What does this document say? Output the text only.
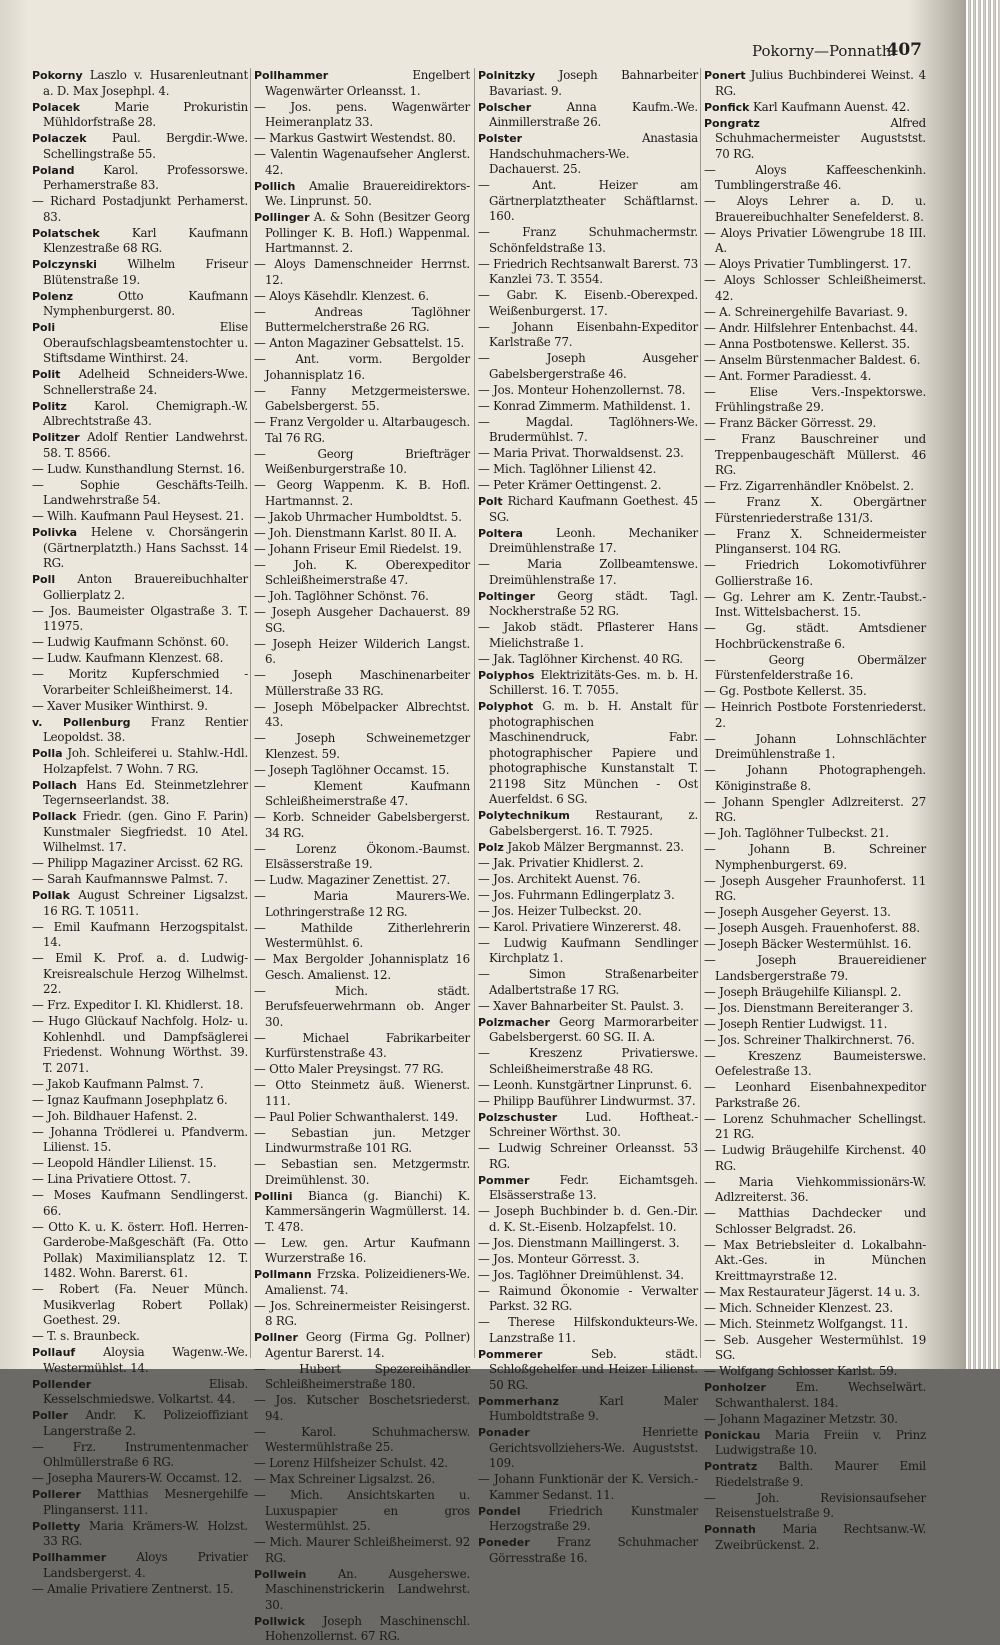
Pokorny—Ponnath.
407
Pokorny Laszlo v. Husarenleutnant a. D. Max Josephpl. 4.
Polacek	Marie Prokuristin Mühldorfstraße 28.
Polaczek Paul. Bergdir.-Wwe. Schellingstraße 55.
Poland Karol. Professorswe. Perhamerstraße 83.
— Richard Postadjunkt Perhamerst. 83.
Polatschek	Karl Kaufmann Klenzestraße 68 RG.
Polczynski	Wilhelm Friseur Blütenstraße 19.
Polenz	Otto Kaufmann Nymphenburgerst. 80.
Poli	Elise Oberaufschlagsbeamtenstochter u. Stiftsdame Winthirst. 24.
Polit Adelheid Schneiders-Wwe. Schnellerstraße 24.
Politz Karol. Chemigraph.-W. Albrechtstraße 43.
Politzer Adolf Rentier Landwehrst. 58. T. 8566.
— Ludw. Kunsthandlung Sternst. 16.
— Sophie Geschäfts-Teilh. Landwehrstraße 54.
— Wilh. Kaufmann Paul Heysest. 21.
Polivka Helene v. Chorsängerin (Gärtnerplatzth.) Hans Sachsst. 14 RG.
Poll Anton Brauereibuchhalter Gollierplatz 2.
— Jos. Baumeister Olgastraße 3. T. 11975.
— Ludwig Kaufmann Schönst. 60.
— Ludw. Kaufmann Klenzest. 68.
— Moritz Kupferschmied - Vorarbeiter Schleißheimerst. 14.
— Xaver Musiker Winthirst. 9.
v. Pollenburg Franz Rentier Leopoldst. 38.
Polla Joh. Schleiferei u. Stahlw.-Hdl. Holzapfelst. 7 Wohn. 7 RG.
Pollach Hans Ed. Steinmetzlehrer Tegernseerlandst. 38.
Pollack Friedr. (gen. Gino F. Parin) Kunstmaler Siegfriedst. 10 Atel. Wilhelmst. 17.
— Philipp Magaziner Arcisst. 62 RG.
— Sarah Kaufmannswe Palmst. 7.
Pollak August Schreiner Ligsalzst. 16 RG. T. 10511.
— Emil Kaufmann Herzogspitalst. 14.
— Emil K. Prof. a. d. Ludwig-Kreisrealschule Herzog Wilhelmst. 22.
— Frz. Expeditor I. Kl. Khidlerst. 18.
— Hugo Glückauf Nachfolg. Holz- u. Kohlenhdl. und Dampfsäglerei Friedenst. Wohnung Wörthst. 39. T. 2071.
— Jakob Kaufmann Palmst. 7.
— Ignaz Kaufmann Josephplatz 6.
— Joh. Bildhauer Hafenst. 2.
— Johanna Trödlerei u. Pfandverm. Lilienst. 15.
— Leopold Händler Lilienst. 15.
— Lina Privatiere Ottost. 7.
— Moses Kaufmann Sendlingerst. 66.
— Otto K. u. K. österr. Hofl. Herren-Garderobe-Maßgeschäft (Fa. Otto Pollak) Maximiliansplatz 12. T. 1482. Wohn. Barerst. 61.
— Robert (Fa. Neuer Münch. Musikverlag Robert Pollak) Goethest. 29.
— T. s. Braunbeck.
Pollauf Aloysia Wagenw.-We. Westermühlst. 14.
Pollender	Elisab. Kesselschmiedswe. Volkartst. 44.
Poller Andr. K. Polizeioffiziant Langerstraße 2.
— Frz. Instrumentenmacher Ohlmüllerstraße 6 RG.
— Josepha Maurers-W. Occamst. 12.
Pollerer Matthias Mesnergehilfe Plinganserst. 111.
Polletty Maria Krämers-W. Holzst. 33 RG.
Pollhammer	Aloys Privatier Landsbergerst. 4.
— Amalie Privatiere Zentnerst. 15.
Pollhammer	Engelbert Wagenwärter Orleansst. 1.
— Jos. pens. Wagenwärter Heimeranplatz 33.
— Markus Gastwirt Westendst. 80.
— Valentin Wagenaufseher Anglerst. 42.
Pollich Amalie Brauereidirektors-We. Linprunst. 50.
Pollinger A. & Sohn (Besitzer Georg Pollinger K. B. Hofl.) Wappenmal. Hartmannst. 2.
— Aloys Damenschneider Herrnst. 12.
— Aloys Käsehdlr. Klenzest. 6.
— Andreas Taglöhner Buttermelcherstraße 26 RG.
— Anton Magaziner Gebsattelst. 15.
— Ant. vorm. Bergolder Johannisplatz 16.
— Fanny Metzgermeisterswe. Gabelsbergerst. 55.
— Franz Vergolder u. Altarbaugesch. Tal 76 RG.
— Georg Briefträger Weißenburgerstraße 10.
— Georg Wappenm. K. B. Hofl. Hartmannst. 2.
— Jakob Uhrmacher Humboldtst. 5.
— Joh. Dienstmann Karlst. 80 II. A.
— Johann Friseur Emil Riedelst. 19.
— Joh. K. Oberexpeditor Schleißheimerstraße 47.
— Joh. Taglöhner Schönst. 76.
— Joseph Ausgeher Dachauerst. 89 SG.
— Joseph Heizer Wilderich Langst. 6.
— Joseph Maschinenarbeiter Müllerstraße 33 RG.
— Joseph Möbelpacker Albrechtst. 43.
— Joseph Schweinemetzger Klenzest. 59.
— Joseph Taglöhner Occamst. 15.
— Klement Kaufmann Schleißheimerstraße 47.
— Korb. Schneider Gabelsbergerst. 34 RG.
— Lorenz Ökonom.-Baumst. Elsässerstraße 19.
— Ludw. Magaziner Zenettist. 27.
— Maria Maurers-We. Lothringerstraße 12 RG.
— Mathilde Zitherlehrerin Westermühlst. 6.
— Max Bergolder Johannisplatz 16 Gesch. Amalienst. 12.
— Mich. städt. Berufsfeuerwehrmann ob. Anger 30.
— Michael Fabrikarbeiter Kurfürstenstraße 43.
— Otto Maler Preysingst. 77 RG.
— Otto Steinmetz äuß. Wienerst. 111.
— Paul Polier Schwanthalerst. 149.
— Sebastian jun. Metzger Lindwurmstraße 101 RG.
— Sebastian sen. Metzgermstr. Dreimühlenst. 30.
Pollini Bianca (g. Bianchi) K. Kammersängerin Wagmüllerst. 14. T. 478.
— Lew. gen. Artur Kaufmann Wurzerstraße 16.
Pollmann Frzska. Polizeidieners-We. Amalienst. 74.
— Jos. Schreinermeister Reisingerst. 8 RG.
Pollner Georg (Firma Gg. Pollner) Agentur Barerst. 14.
— Hubert Spezereihändler Schleißheimerstraße 180.
— Jos. Kutscher Boschetsriederst. 94.
— Karol. Schuhmachersw. Westermühlstraße 25.
— Lorenz Hilfsheizer Schulst. 42.
— Max Schreiner Ligsalzst. 26.
— Mich. Ansichtskarten u. Luxuspapier en gros Westermühlst. 25.
— Mich. Maurer Schleißheimerst. 92 RG.
Pollwein	An. Ausgeherswe. Maschinenstrickerin Landwehrst. 30.
Pollwick Joseph Maschinenschl. Hohenzollernst. 67 RG.
Polnitzky Joseph Bahnarbeiter Bavariast. 9.
Polscher	Anna Kaufm.-We. Ainmillerstraße 26.
Polster	Anastasia Handschuhmachers-We. Dachauerst. 25.
— Ant. Heizer am Gärtnerplatztheater Schäftlarnst. 160.
— Franz Schuhmachermstr. Schönfeldstraße 13.
— Friedrich Rechtsanwalt Barerst. 73 Kanzlei 73. T. 3554.
— Gabr. K. Eisenb.-Oberexped. Weißenburgerst. 17.
— Johann Eisenbahn-Expeditor Karlstraße 77.
— Joseph Ausgeher Gabelsbergerstraße 46.
— Jos. Monteur Hohenzollernst. 78.
— Konrad Zimmerm. Mathildenst. 1.
— Magdal. Taglöhners-We. Brudermühlst. 7.
— Maria Privat. Thorwaldsenst. 23.
— Mich. Taglöhner Lilienst 42.
— Peter Krämer Oettingenst. 2.
Polt Richard Kaufmann Goethest. 45 SG.
Poltera	Leonh. Mechaniker Dreimühlenstraße 17.
— Maria Zollbeamtenswe. Dreimühlenstraße 17.
Poltinger Georg städt. Tagl. Nockherstraße 52 RG.
— Jakob städt. Pflasterer Hans Mielichstraße 1.
— Jak. Taglöhner Kirchenst. 40 RG.
Polyphos Elektrizitäts-Ges. m. b. H. Schillerst. 16. T. 7055.
Polyphot G. m. b. H. Anstalt für photographischen Maschinendruck, Fabr. photographischer Papiere und photographische Kunstanstalt T. 21198 Sitz München - Ost Auerfeldst. 6 SG.
Polytechnikum Restaurant, z. Gabelsbergerst. 16. T. 7925.
Polz Jakob Mälzer Bergmannst. 23.
— Jak. Privatier Khidlerst. 2.
— Jos. Architekt Auenst. 76.
— Jos. Fuhrmann Edlingerplatz 3.
— Jos. Heizer Tulbeckst. 20.
— Karol. Privatiere Winzererst. 48.
— Ludwig Kaufmann Sendlinger Kirchplatz 1.
— Simon Straßenarbeiter Adalbertstraße 17 RG.
— Xaver Bahnarbeiter St. Paulst. 3.
Polzmacher Georg Marmorarbeiter Gabelsbergerst. 60 SG. II. A.
— Kreszenz Privatierswe. Schleißheimerstraße 48 RG.
— Leonh. Kunstgärtner Linprunst. 6.
— Philipp Bauführer Lindwurmst. 37.
Polzschuster Lud. Hoftheat.-Schreiner Wörthst. 30.
— Ludwig Schreiner Orleansst. 53 RG.
Pommer	Fedr. Eichamtsgeh. Elsässerstraße 13.
— Joseph Buchbinder b. d. Gen.-Dir. d. K. St.-Eisenb. Holzapfelst. 10.
— Jos. Dienstmann Maillingerst. 3.
— Jos. Monteur Görresst. 3.
— Jos. Taglöhner Dreimühlenst. 34.
— Raimund Ökonomie - Verwalter Parkst. 32 RG.
— Therese Hilfskondukteurs-We. Lanzstraße 11.
Pommerer	Seb. städt. Schloßgehelfer und Heizer Lilienst. 50 RG.
Pommerhanz	Karl Maler Humboldtstraße 9.
Ponader	Henriette Gerichtsvollziehers-We. Auguststst. 109.
— Johann Funktionär der K. Versich.-Kammer Sedanst. 11.
Pondel Friedrich Kunstmaler Herzogstraße 29.
Poneder Franz Schuhmacher Görresstraße 16.
Ponert Julius Buchbinderei Weinst. 4 RG.
Ponfick Karl Kaufmann Auenst. 42.
Pongratz	Alfred Schuhmachermeister Auguststst. 70 RG.
— Aloys Kaffeeschenkinh. Tumblingerstraße 46.
— Aloys Lehrer a. D. u. Brauereibuchhalter Senefelderst. 8.
— Aloys Privatier Löwengrube 18 III. A.
— Aloys Privatier Tumblingerst. 17.
— Aloys Schlosser Schleißheimerst. 42.
— A. Schreinergehilfe Bavariast. 9.
— Andr. Hilfslehrer Entenbachst. 44.
— Anna Postbotenswe. Kellerst. 35.
— Anselm Bürstenmacher Baldest. 6.
— Ant. Former Paradiesst. 4.
— Elise Vers.-Inspektorswe. Frühlingstraße 29.
— Franz Bäcker Görresst. 29.
— Franz Bauschreiner und Treppenbaugeschäft Müllerst. 46 RG.
— Frz. Zigarrenhändler Knöbelst. 2.
— Franz X. Obergärtner Fürstenriederstraße 131/3.
— Franz X. Schneidermeister Plinganserst. 104 RG.
— Friedrich Lokomotivführer Gollierstraße 16.
— Gg. Lehrer am K. Zentr.-Taubst.-Inst. Wittelsbacherst. 15.
— Gg. städt. Amtsdiener Hochbrückenstraße 6.
— Georg Obermälzer Fürstenfelderstraße 16.
— Gg. Postbote Kellerst. 35.
— Heinrich Postbote Forstenriederst. 2.
— Johann Lohnschlächter Dreimühlenstraße 1.
— Johann Photographengeh. Königinstraße 8.
— Johann Spengler Adlzreiterst. 27 RG.
— Joh. Taglöhner Tulbeckst. 21.
— Johann B. Schreiner Nymphenburgerst. 69.
— Joseph Ausgeher Fraunhoferst. 11 RG.
— Joseph Ausgeher Geyerst. 13.
— Joseph Ausgeh. Frauenhoferst. 88.
— Joseph Bäcker Westermühlst. 16.
— Joseph Brauereidiener Landsbergerstraße 79.
— Joseph Bräugehilfe Kilianspl. 2.
— Jos. Dienstmann Bereiteranger 3.
— Joseph Rentier Ludwigst. 11.
— Jos. Schreiner Thalkirchnerst. 76.
— Kreszenz Baumeisterswe. Oefelestraße 13.
— Leonhard Eisenbahnexpeditor Parkstraße 26.
— Lorenz Schuhmacher Schellingst. 21 RG.
— Ludwig Bräugehilfe Kirchenst. 40 RG.
— Maria Viehkommissionärs-W. Adlzreiterst. 36.
— Matthias Dachdecker und Schlosser Belgradst. 26.
— Max Betriebsleiter d. Lokalbahn-Akt.-Ges. in München Kreittmayrstraße 12.
— Max Restaurateur Jägerst. 14 u. 3.
— Mich. Schneider Klenzest. 23.
— Mich. Steinmetz Wolfgangst. 11.
— Seb. Ausgeher Westermühlst. 19 SG.
— Wolfgang Schlosser Karlst. 59.
Ponholzer	Em. Wechselwärt. Schwanthalerst. 184.
— Johann Magaziner Metzstr. 30.
Ponickau Maria Freiin v. Prinz Ludwigstraße 10.
Pontratz Balth. Maurer Emil Riedelstraße 9.
— Joh. Revisionsaufseher Reisenstuelstraße 9.
Ponnath Maria Rechtsanw.-W. Zweibrückenst. 2.
